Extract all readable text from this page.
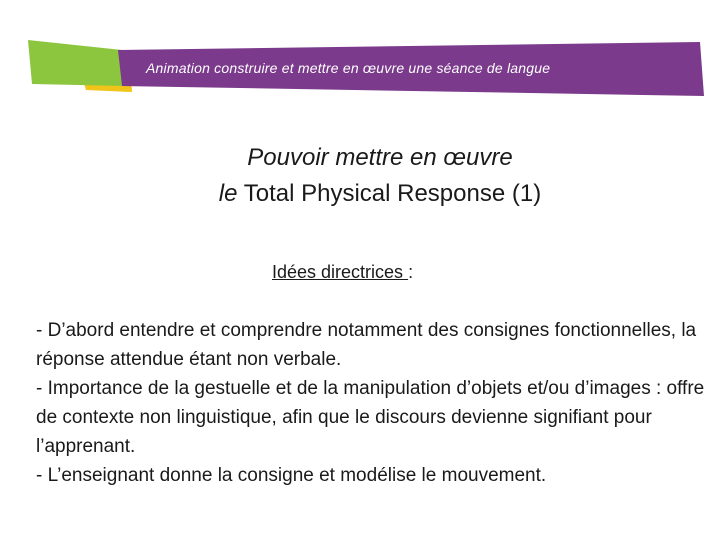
Animation construire et mettre en œuvre une séance de langue
Pouvoir mettre en œuvre
le Total Physical Response (1)
Idées directrices :
- D’abord entendre et comprendre notamment des consignes fonctionnelles, la réponse attendue étant non verbale.
- Importance de la gestuelle et de la manipulation d’objets et/ou d’images : offre de contexte non linguistique, afin que le discours devienne signifiant pour l’apprenant.
- L’enseignant donne la consigne et modélise le mouvement.
